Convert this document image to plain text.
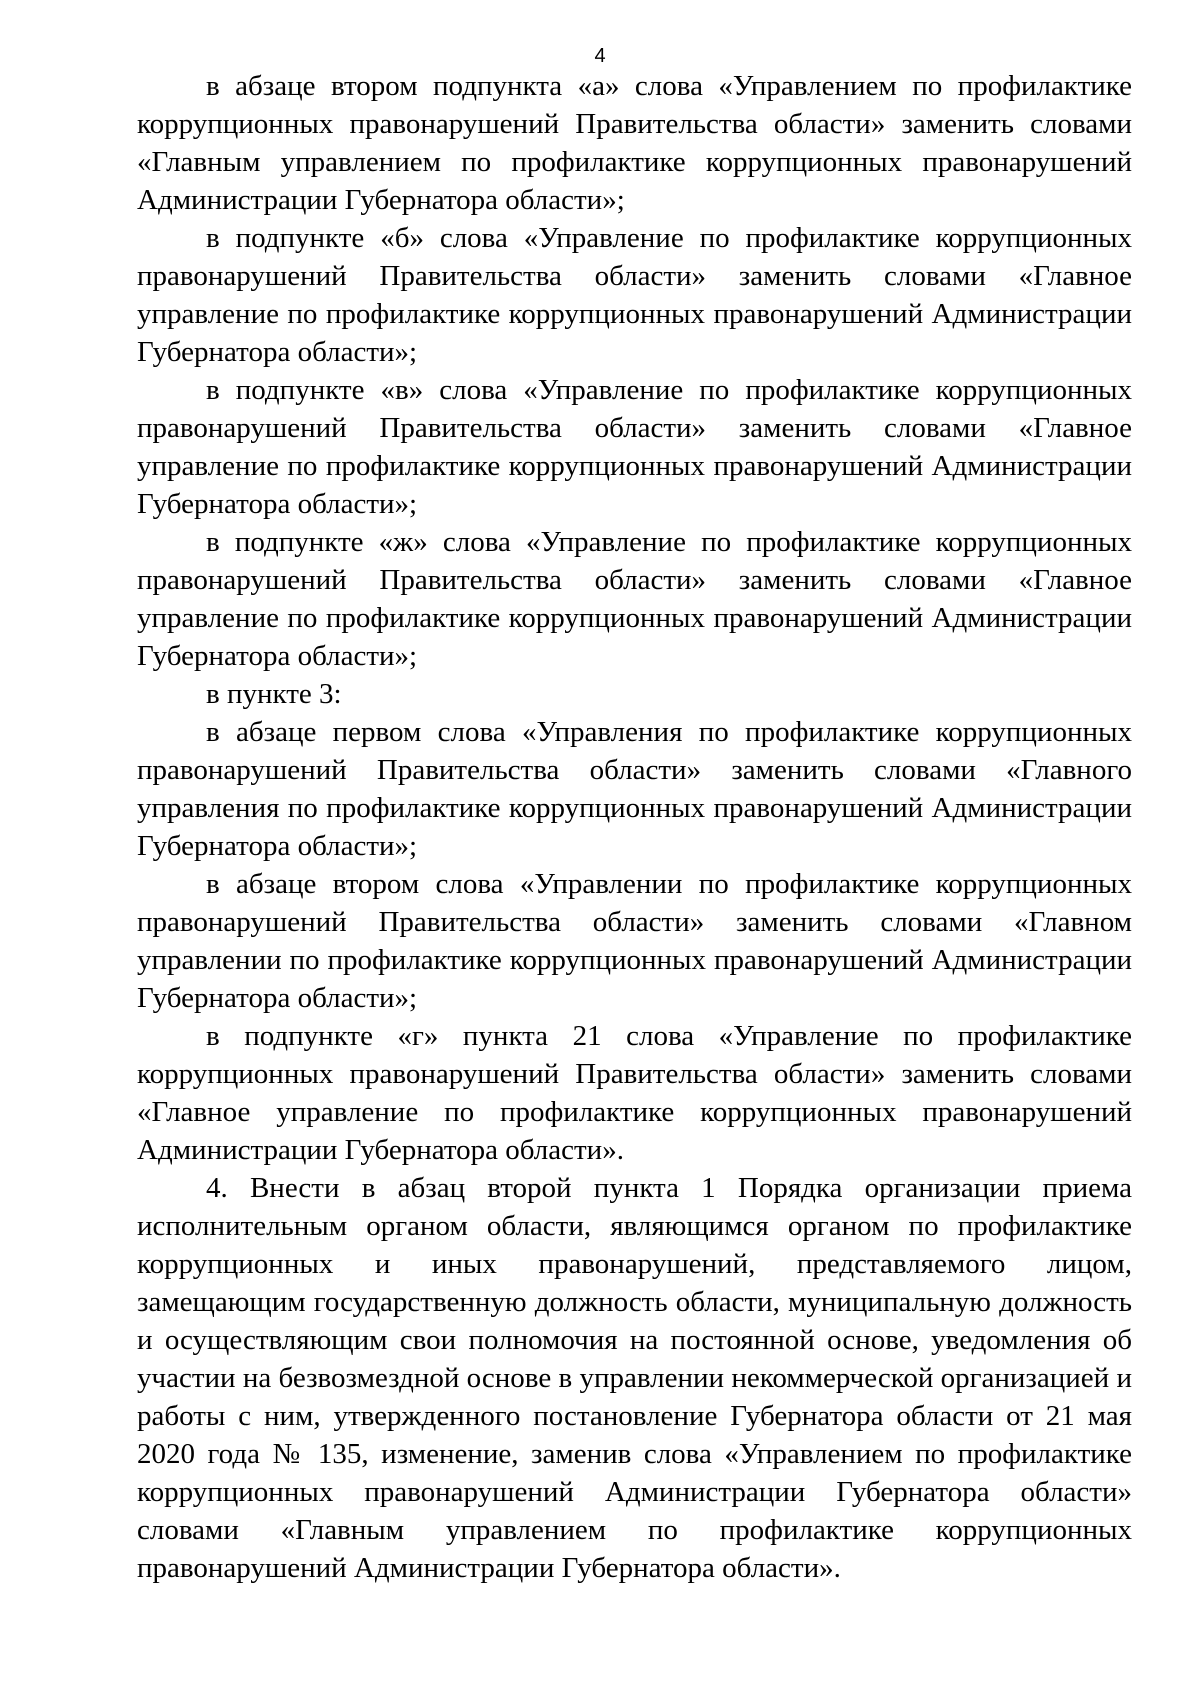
4

в абзаце втором подпункта «а» слова «Управлением по профилактике коррупционных правонарушений Правительства области» заменить словами «Главным управлением по профилактике коррупционных правонарушений Администрации Губернатора области»;

в подпункте «б» слова «Управление по профилактике коррупционных правонарушений Правительства области» заменить словами «Главное управление по профилактике коррупционных правонарушений Администрации Губернатора области»;

в подпункте «в» слова «Управление по профилактике коррупционных правонарушений Правительства области» заменить словами «Главное управление по профилактике коррупционных правонарушений Администрации Губернатора области»;

в подпункте «ж» слова «Управление по профилактике коррупционных правонарушений Правительства области» заменить словами «Главное управление по профилактике коррупционных правонарушений Администрации Губернатора области»;

в пункте 3:

в абзаце первом слова «Управления по профилактике коррупционных правонарушений Правительства области» заменить словами «Главного управления по профилактике коррупционных правонарушений Администрации Губернатора области»;

в абзаце втором слова «Управлении по профилактике коррупционных правонарушений Правительства области» заменить словами «Главном управлении по профилактике коррупционных правонарушений Администрации Губернатора области»;

в подпункте «г» пункта 21 слова «Управление по профилактике коррупционных правонарушений Правительства области» заменить словами «Главное управление по профилактике коррупционных правонарушений Администрации Губернатора области».

4. Внести в абзац второй пункта 1 Порядка организации приема исполнительным органом области, являющимся органом по профилактике коррупционных и иных правонарушений, представляемого лицом, замещающим государственную должность области, муниципальную должность и осуществляющим свои полномочия на постоянной основе, уведомления об участии на безвозмездной основе в управлении некоммерческой организацией и работы с ним, утвержденного постановление Губернатора области от 21 мая 2020 года № 135, изменение, заменив слова «Управлением по профилактике коррупционных правонарушений Администрации Губернатора области» словами «Главным управлением по профилактике коррупционных правонарушений Администрации Губернатора области».
